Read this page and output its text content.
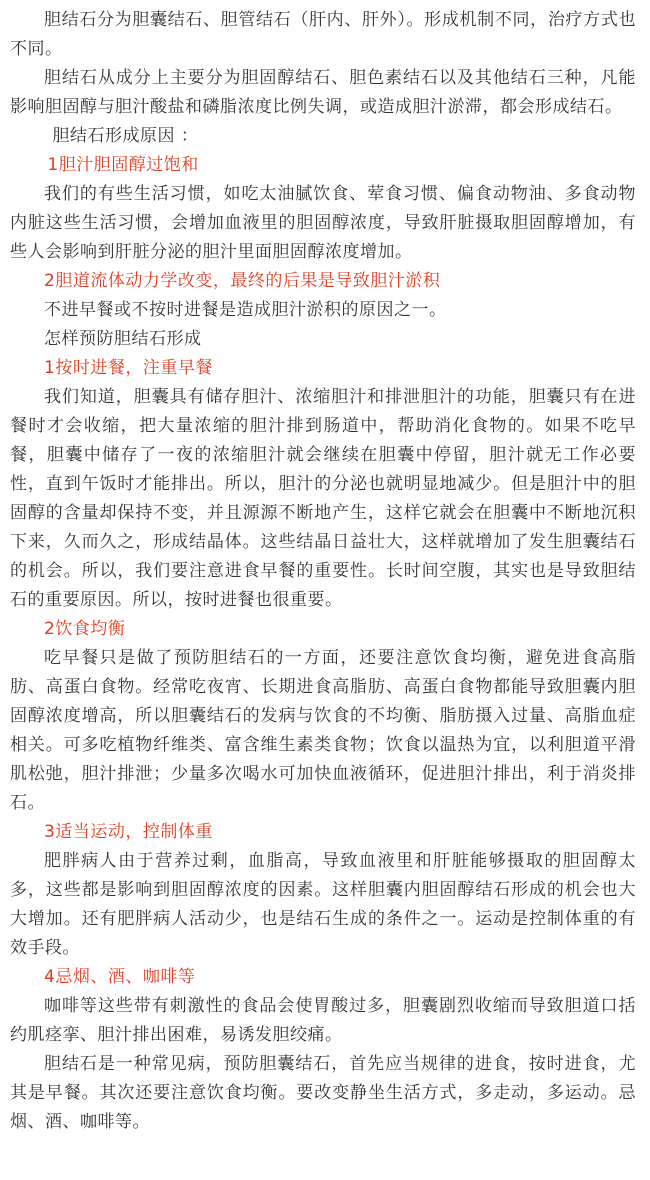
胆结石分为胆囊结石、胆管结石（肝内、肝外）。形成机制不同，治疗方式也不同。

胆结石从成分上主要分为胆固醇结石、胆色素结石以及其他结石三种，凡能影响胆固醇与胆汁酸盐和磷脂浓度比例失调，或造成胆汁淤滞，都会形成结石。

胆结石形成原因 ：

1胆汁胆固醇过饱和

我们的有些生活习惯，如吃太油腻饮食、荤食习惯、偏食动物油、多食动物内脏这些生活习惯，会增加血液里的胆固醇浓度，导致肝脏摄取胆固醇增加，有些人会影响到肝脏分泌的胆汁里面胆固醇浓度增加。

2胆道流体动力学改变，最终的后果是导致胆汁淤积

不进早餐或不按时进餐是造成胆汁淤积的原因之一。

怎样预防胆结石形成

1按时进餐，注重早餐

我们知道，胆囊具有储存胆汁、浓缩胆汁和排泄胆汁的功能，胆囊只有在进餐时才会收缩，把大量浓缩的胆汁排到肠道中，帮助消化食物的。如果不吃早餐，胆囊中储存了一夜的浓缩胆汁就会继续在胆囊中停留，胆汁就无工作必要性，直到午饭时才能排出。所以，胆汁的分泌也就明显地减少。但是胆汁中的胆固醇的含量却保持不变，并且源源不断地产生，这样它就会在胆囊中不断地沉积下来，久而久之，形成结晶体。这些结晶日益壮大，这样就增加了发生胆囊结石的机会。所以，我们要注意进食早餐的重要性。长时间空腹，其实也是导致胆结石的重要原因。所以，按时进餐也很重要。

2饮食均衡

吃早餐只是做了预防胆结石的一方面，还要注意饮食均衡，避免进食高脂肪、高蛋白食物。经常吃夜宵、长期进食高脂肪、高蛋白食物都能导致胆囊内胆固醇浓度增高，所以胆囊结石的发病与饮食的不均衡、脂肪摄入过量、高脂血症相关。可多吃植物纤维类、富含维生素类食物；饮食以温热为宜，以利胆道平滑肌松弛，胆汁排泄；少量多次喝水可加快血液循环，促进胆汁排出，利于消炎排石。

3适当运动，控制体重

肥胖病人由于营养过剩，血脂高，导致血液里和肝脏能够摄取的胆固醇太多，这些都是影响到胆固醇浓度的因素。这样胆囊内胆固醇结石形成的机会也大大增加。还有肥胖病人活动少，也是结石生成的条件之一。运动是控制体重的有效手段。

4忌烟、酒、咖啡等

咖啡等这些带有刺激性的食品会使胃酸过多，胆囊剧烈收缩而导致胆道口括约肌痉挛、胆汁排出困难，易诱发胆绞痛。

胆结石是一种常见病，预防胆囊结石，首先应当规律的进食，按时进食，尤其是早餐。其次还要注意饮食均衡。要改变静坐生活方式，多走动，多运动。忌烟、酒、咖啡等。
